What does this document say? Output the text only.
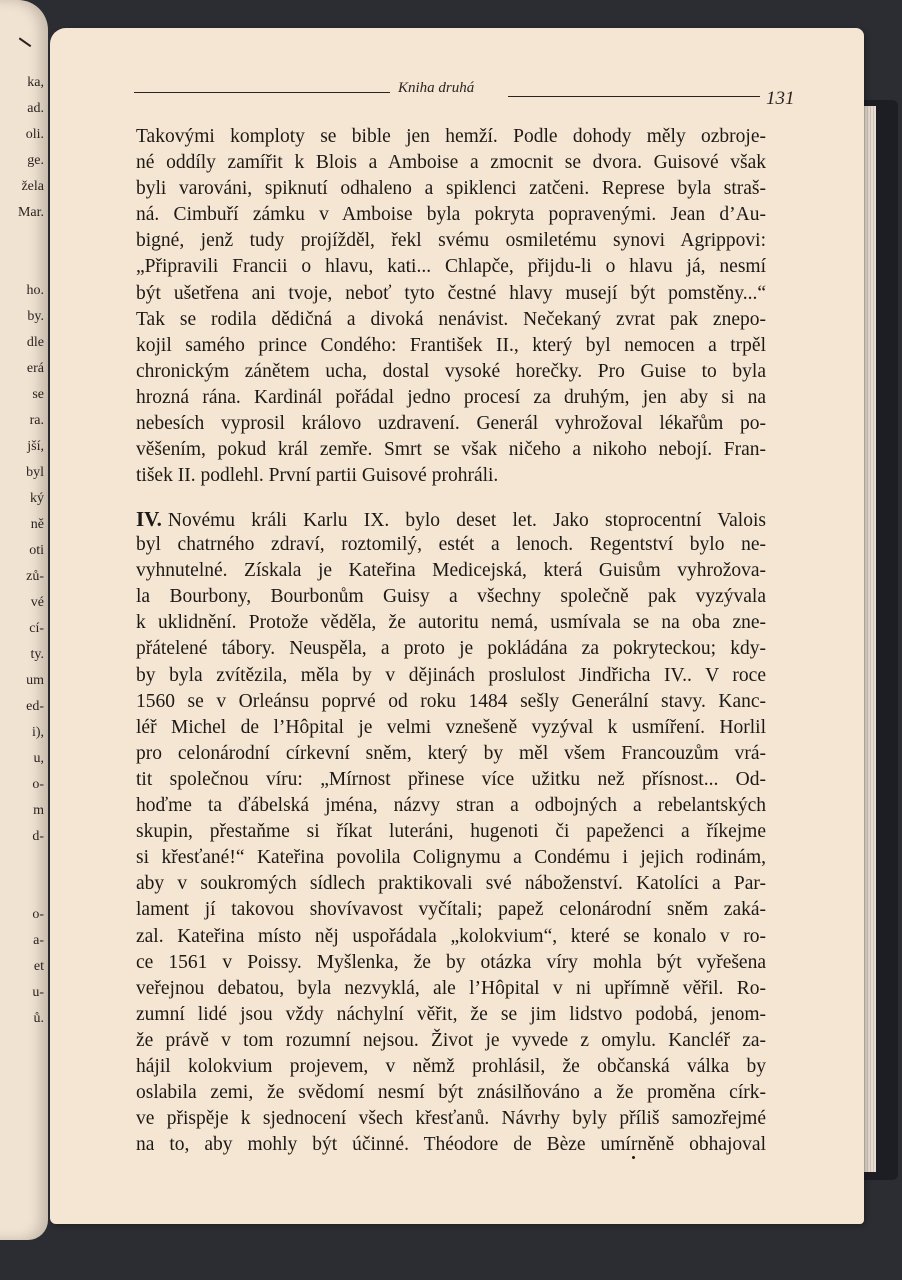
ka,
ad.
oli.
ge.
žela
Mar.
ho.
by.
dle
erá
se
ra.
jší,
byl
ký
ně
oti
zů-
vé
cí-
ty.
um
ed-
i),
u,
o-
m
d-
o-
a-
et
u-
ů.
Kniha druhá	131
Takovými komploty se bible jen hemží. Podle dohody měly ozbroje-
né oddíly zamířit k Blois a Amboise a zmocnit se dvora. Guisové však
byli varováni, spiknutí odhaleno a spiklenci zatčeni. Represe byla straš-
ná. Cimbuří zámku v Amboise byla pokryta popravenými. Jean d’Au-
bigné, jenž tudy projížděl, řekl svému osmiletému synovi Agrippovi:
„Připravili Francii o hlavu, kati... Chlapče, přijdu-li o hlavu já, nesmí
být ušetřena ani tvoje, neboť tyto čestné hlavy musejí být pomstěny...“
Tak se rodila dědičná a divoká nenávist. Nečekaný zvrat pak znepo-
kojil samého prince Condého: František II., který byl nemocen a trpěl
chronickým zánětem ucha, dostal vysoké horečky. Pro Guise to byla
hrozná rána. Kardinál pořádal jedno procesí za druhým, jen aby si na
nebesích vyprosil královo uzdravení. Generál vyhrožoval lékařům po-
věšením, pokud král zemře. Smrt se však ničeho a nikoho nebojí. Fran-
tišek II. podlehl. První partii Guisové prohráli.
IV. Novému králi Karlu IX. bylo deset let. Jako stoprocentní Valois
byl chatrného zdraví, roztomilý, estét a lenoch. Regentství bylo ne-
vyhnutelné. Získala je Kateřina Medicejská, která Guisům vyhrožova-
la Bourbony, Bourbonům Guisy a všechny společně pak vyzývala
k uklidnění. Protože věděla, že autoritu nemá, usmívala se na oba zne-
přátelené tábory. Neuspěla, a proto je pokládána za pokryteckou; kdy-
by byla zvítězila, měla by v dějinách proslulost Jindřicha IV.. V roce
1560 se v Orleánsu poprvé od roku 1484 sešly Generální stavy. Kanc-
léř Michel de l’Hôpital je velmi vznešeně vyzýval k usmíření. Horlil
pro celonárodní církevní sněm, který by měl všem Francouzům vrá-
tit společnou víru: „Mírnost přinese více užitku než přísnost... Od-
hoďme ta ďábelská jména, názvy stran a odbojných a rebelantských
skupin, přestaňme si říkat luteráni, hugenoti či papeženci a říkejme
si křesťané!“ Kateřina povolila Colignymu a Condému i jejich rodinám,
aby v soukromých sídlech praktikovali své náboženství. Katolíci a Par-
lament jí takovou shovívavost vyčítali; papež celonárodní sněm zaká-
zal. Kateřina místo něj uspořádala „kolokvium“, které se konalo v ro-
ce 1561 v Poissy. Myšlenka, že by otázka víry mohla být vyřešena
veřejnou debatou, byla nezvyklá, ale l’Hôpital v ni upřímně věřil. Ro-
zumní lidé jsou vždy náchylní věřit, že se jim lidstvo podobá, jenom-
že právě v tom rozumní nejsou. Život je vyvede z omylu. Kancléř za-
hájil kolokvium projevem, v němž prohlásil, že občanská válka by
oslabila zemi, že svědomí nesmí být znásilňováno a že proměna círk-
ve přispěje k sjednocení všech křesťanů. Návrhy byly příliš samozřejmé
na to, aby mohly být účinné. Théodore de Bèze umírněně obhajoval
